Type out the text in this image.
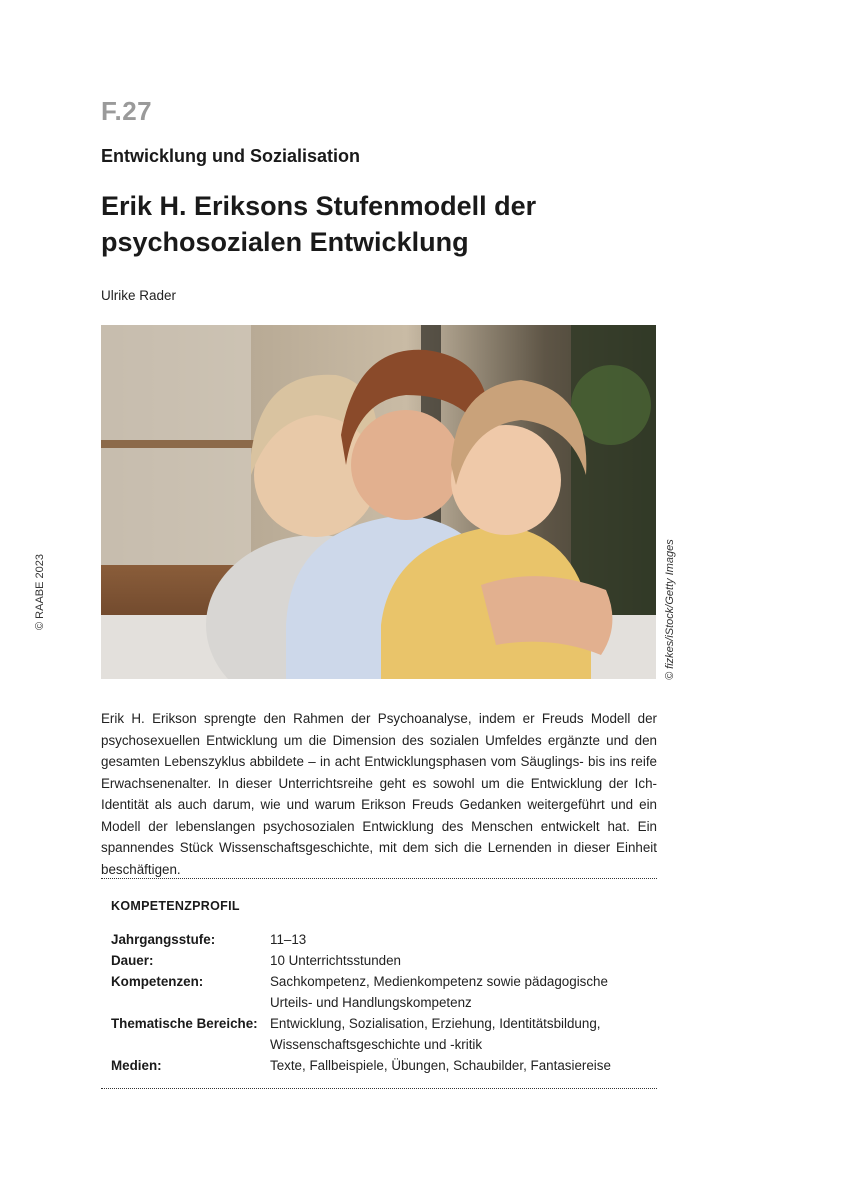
F.27
Entwicklung und Sozialisation
Erik H. Eriksons Stufenmodell der
psychosozialen Entwicklung
Ulrike Rader
© RAABE 2023	© fizkes/iStock/Getty Images

Erik H. Erikson sprengte den Rahmen der Psychoanalyse, indem er Freuds Modell der psychosexuellen Entwicklung um die Dimension des sozialen Umfeldes ergänzte und den gesamten Lebenszyklus abbildete – in acht Entwicklungsphasen vom Säuglings- bis ins reife Erwachsenenalter. In dieser Unterrichtsreihe geht es sowohl um die Entwicklung der Ich-Identität als auch darum, wie und warum Erikson Freuds Gedanken weitergeführt und ein Modell der lebenslangen psychosozialen Entwicklung des Menschen entwickelt hat. Ein spannendes Stück Wissenschaftsgeschichte, mit dem sich die Lernenden in dieser Einheit beschäftigen.

KOMPETENZPROFIL
Jahrgangsstufe:	11–13
Dauer:	10 Unterrichtsstunden
Kompetenzen:	Sachkompetenz, Medienkompetenz sowie pädagogische Urteils- und Handlungskompetenz
Thematische Bereiche: Entwicklung, Sozialisation, Erziehung, Identitätsbildung, Wissenschaftsgeschichte und -kritik
Medien:	Texte, Fallbeispiele, Übungen, Schaubilder, Fantasiereise
